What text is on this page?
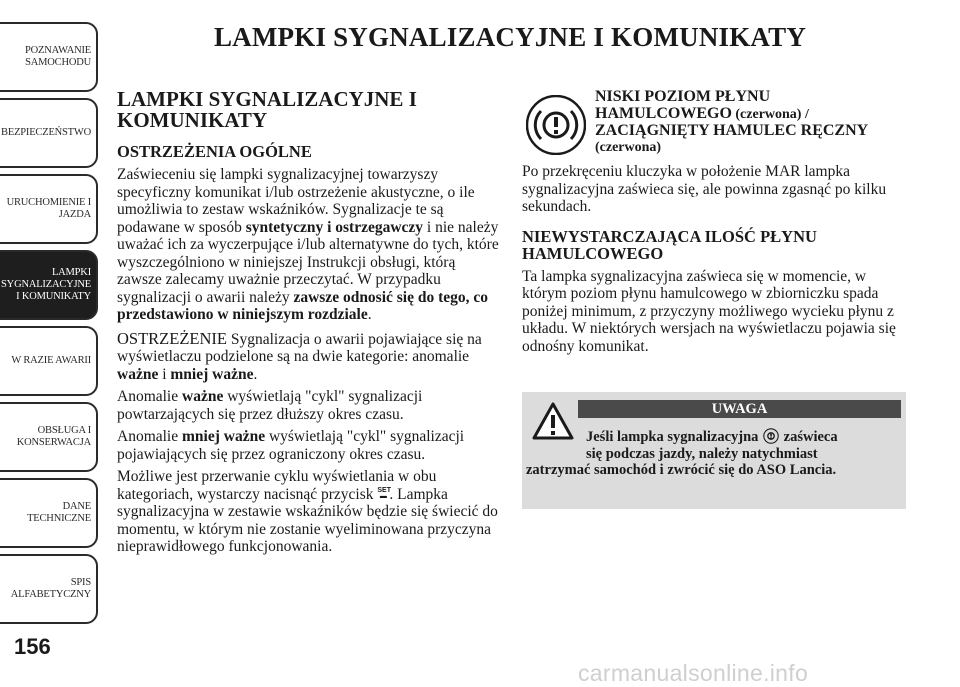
POZNAWANIE
SAMOCHODU
BEZPIECZEŃSTWO
URUCHOMIENIE I
JAZDA
LAMPKI
SYGNALIZACYJNE
I KOMUNIKATY
W RAZIE AWARII
OBSŁUGA I
KONSERWACJA
DANE
TECHNICZNE
SPIS
ALFABETYCZNY
156
LAMPKI SYGNALIZACYJNE I KOMUNIKATY
LAMPKI SYGNALIZACYJNE I KOMUNIKATY
OSTRZEŻENIA OGÓLNE

Zaświeceniu się lampki sygnalizacyjnej towarzyszy specyficzny komunikat i/lub ostrzeżenie akustyczne, o ile umożliwia to zestaw wskaźników. Sygnalizacje te są podawane w sposób syntetyczny i ostrzegawczy i nie należy uważać ich za wyczerpujące i/lub alternatywne do tych, które wyszczególniono w niniejszej Instrukcji obsługi, którą zawsze zalecamy uważnie przeczytać. W przypadku sygnalizacji o awarii należy zawsze odnosić się do tego, co przedstawiono w niniejszym rozdziale.

OSTRZEŻENIE Sygnalizacja o awarii pojawiające się na wyświetlaczu podzielone są na dwie kategorie: anomalie ważne i mniej ważne.

Anomalie ważne wyświetlają "cykl" sygnalizacji powtarzających się przez dłuższy okres czasu.

Anomalie mniej ważne wyświetlają "cykl" sygnalizacji pojawiających się przez ograniczony okres czasu.

Możliwe jest przerwanie cyklu wyświetlania w obu kategoriach, wystarczy nacisnąć przycisk SET
▬ . Lampka sygnalizacyjna w zestawie wskaźników będzie się świecić do momentu, w którym nie zostanie wyeliminowana przyczyna nieprawidłowego funkcjonowania.

NISKI POZIOM PŁYNU
HAMULCOWEGO (czerwona) /
ZACIĄGNIĘTY HAMULEC RĘCZNY
(czerwona)

Po przekręceniu kluczyka w położenie MAR lampka sygnalizacyjna zaświeca się, ale powinna zgasnąć po kilku sekundach.

NIEWYSTARCZAJĄCA ILOŚĆ PŁYNU HAMULCOWEGO

Ta lampka sygnalizacyjna zaświeca się w momencie, w którym poziom płynu hamulcowego w zbiorniczku spada poniżej minimum, z przyczyny możliwego wycieku płynu z układu. W niektórych wersjach na wyświetlaczu pojawia się odnośny komunikat.

UWAGA
Jeśli lampka sygnalizacyjna  zaświeca
się podczas jazdy, należy natychmiast
zatrzymać samochód i zwrócić się do ASO Lancia.
carmanualsonline.info
